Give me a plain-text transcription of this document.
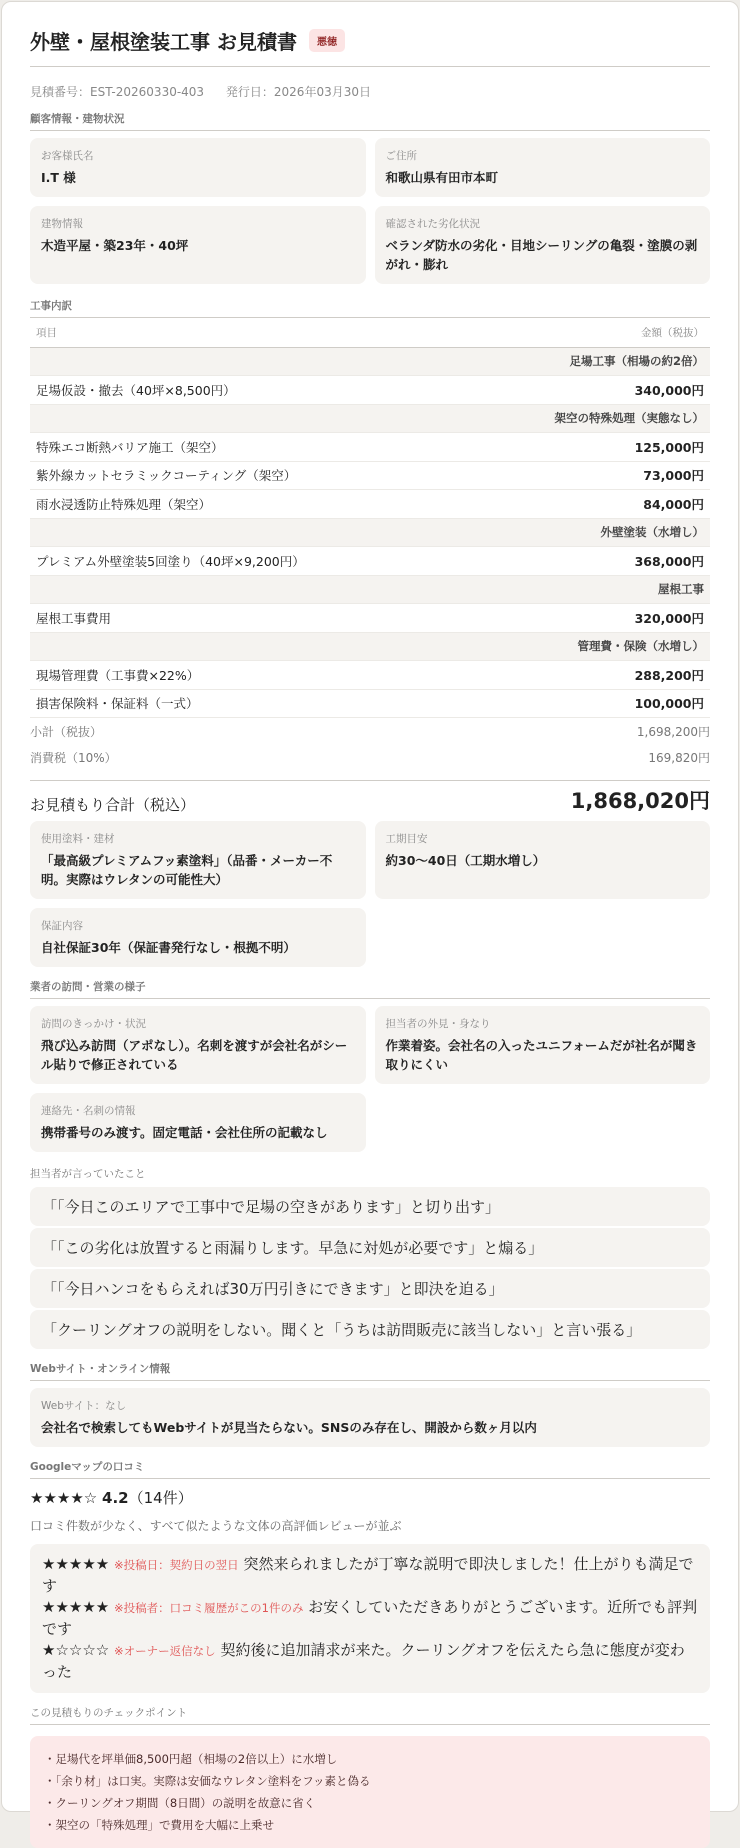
外壁・屋根塗装工事 お見積書	悪徳
見積番号：EST-20260330-403 発行日：2026年03月30日
顧客情報・建物状況
お客様氏名
I.T 様
ご住所
和歌山県有田市本町
建物情報
木造平屋・築23年・40坪
確認された劣化状況
ベランダ防水の劣化・目地シーリングの亀裂・塗膜の剥がれ・膨れ
工事内訳
項目	金額（税抜）
足場工事（相場の約2倍）	
足場仮設・撤去（40坪×8,500円）	340,000円
架空の特殊処理（実態なし）	
特殊エコ断熱バリア施工（架空）	125,000円
紫外線カットセラミックコーティング（架空）	73,000円
雨水浸透防止特殊処理（架空）	84,000円
外壁塗装（水増し）	
プレミアム外壁塗装5回塗り（40坪×9,200円）	368,000円
屋根工事	
屋根工事費用	320,000円
管理費・保険（水増し）	
現場管理費（工事費×22%）	288,200円
損害保険料・保証料（一式）	100,000円
小計（税抜）	1,698,200円
消費税（10%）	169,820円
お見積もり合計（税込）	1,868,020円
使用塗料・建材
「最高級プレミアムフッ素塗料」（品番・メーカー不明。実際はウレタンの可能性大）
工期目安
約30〜40日（工期水増し）
保証内容
自社保証30年（保証書発行なし・根拠不明）
業者の訪問・営業の様子
訪問のきっかけ・状況
飛び込み訪問（アポなし）。名刺を渡すが会社名がシール貼りで修正されている
担当者の外見・身なり
作業着姿。会社名の入ったユニフォームだが社名が聞き取りにくい
連絡先・名刺の情報
携帯番号のみ渡す。固定電話・会社住所の記載なし
担当者が言っていたこと
「「今日このエリアで工事中で足場の空きがあります」と切り出す」
「「この劣化は放置すると雨漏りします。早急に対処が必要です」と煽る」
「「今日ハンコをもらえれば30万円引きにできます」と即決を迫る」
「クーリングオフの説明をしない。聞くと「うちは訪問販売に該当しない」と言い張る」
Webサイト・オンライン情報
Webサイト：なし
会社名で検索してもWebサイトが見当たらない。SNSのみ存在し、開設から数ヶ月以内
Googleマップの口コミ
★★★★☆ 4.2（14件）
口コミ件数が少なく、すべて似たような文体の高評価レビューが並ぶ
★★★★★ ※投稿日：契約日の翌日 突然来られましたが丁寧な説明で即決しました！仕上がりも満足です
★★★★★ ※投稿者：口コミ履歴がこの1件のみ お安くしていただきありがとうございます。近所でも評判です
★☆☆☆☆ ※オーナー返信なし 契約後に追加請求が来た。クーリングオフを伝えたら急に態度が変わった
この見積もりのチェックポイント
・足場代を坪単価8,500円超（相場の2倍以上）に水増し
・「余り材」は口実。実際は安価なウレタン塗料をフッ素と偽る
・クーリングオフ期間（8日間）の説明を故意に省く
・架空の「特殊処理」で費用を大幅に上乗せ
